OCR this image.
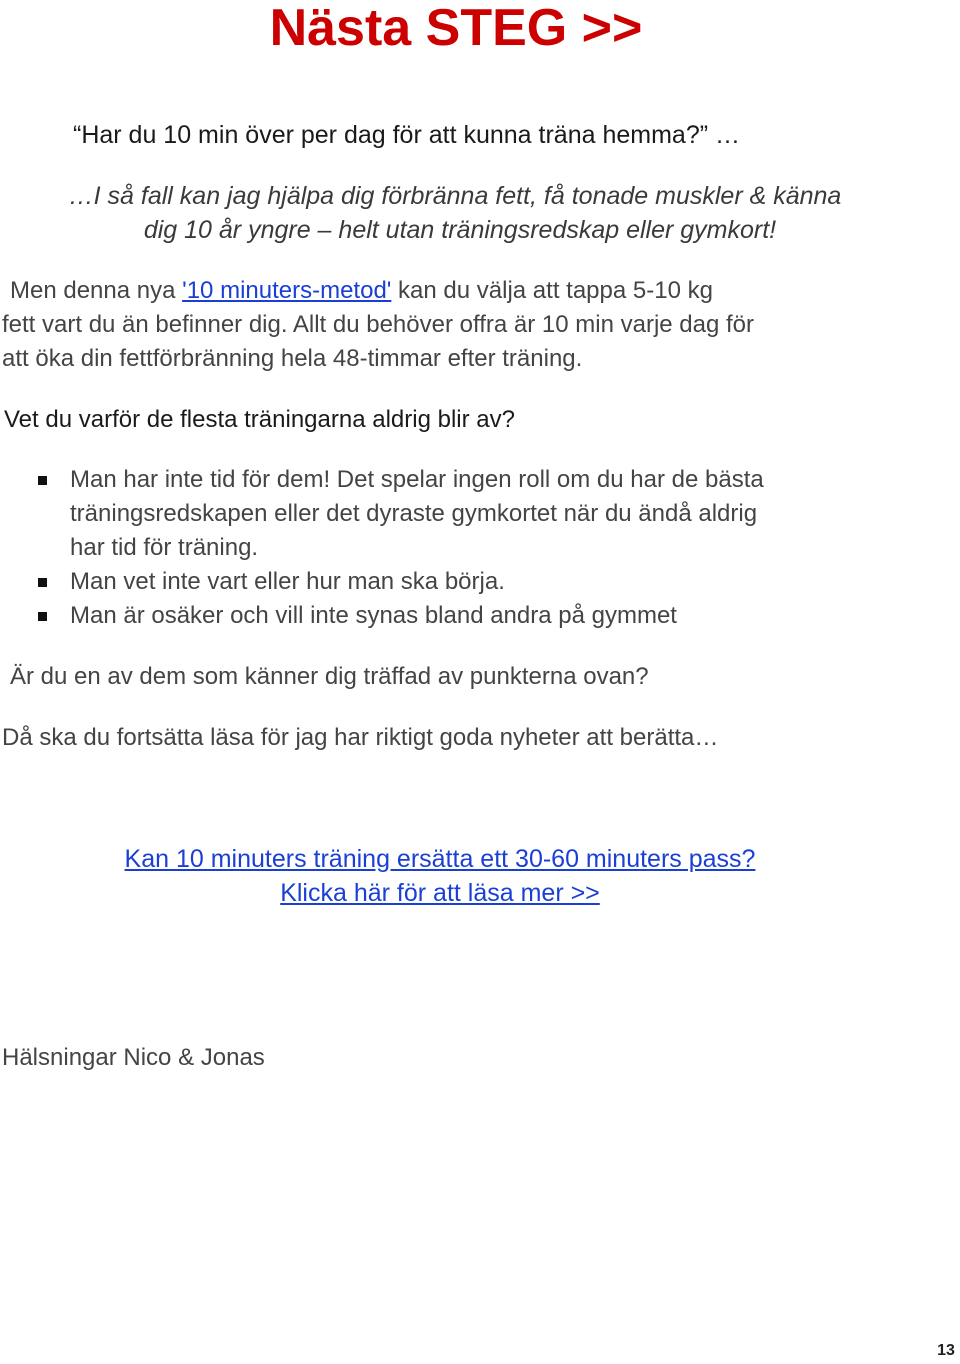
Nästa STEG >>
“Har du 10 min över per dag för att kunna träna hemma?” …
…I så fall kan jag hjälpa dig förbränna fett, få tonade muskler & känna
dig 10 år yngre – helt utan träningsredskap eller gymkort!
Men denna nya '10 minuters-metod' kan du välja att tappa 5-10 kg
fett vart du än befinner dig. Allt du behöver offra är 10 min varje dag för
att öka din fettförbränning hela 48-timmar efter träning.
Vet du varför de flesta träningarna aldrig blir av?
Man har inte tid för dem! Det spelar ingen roll om du har de bästa
träningsredskapen eller det dyraste gymkortet när du ändå aldrig
har tid för träning.
Man vet inte vart eller hur man ska börja.
Man är osäker och vill inte synas bland andra på gymmet
Är du en av dem som känner dig träffad av punkterna ovan?
Då ska du fortsätta läsa för jag har riktigt goda nyheter att berätta…
Kan 10 minuters träning ersätta ett 30-60 minuters pass?
Klicka här för att läsa mer >>
Hälsningar Nico & Jonas
13
